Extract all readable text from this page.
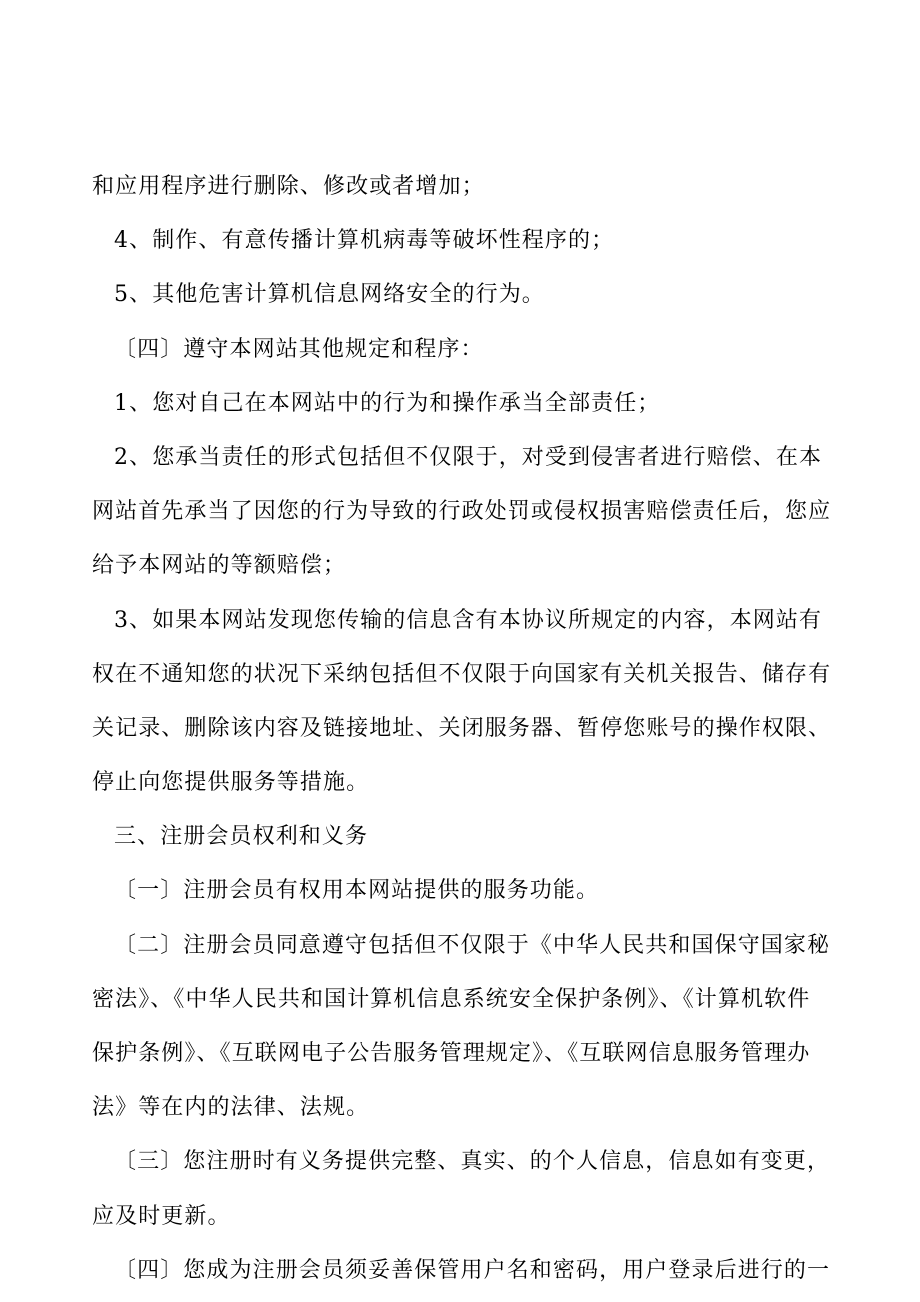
和应用程序进行删除、修改或者增加；
4、制作、有意传播计算机病毒等破坏性程序的；
5、其他危害计算机信息网络安全的行为。
〔四〕遵守本网站其他规定和程序：
1、您对自己在本网站中的行为和操作承当全部责任；
2、您承当责任的形式包括但不仅限于，对受到侵害者进行赔偿、在本
网站首先承当了因您的行为导致的行政处罚或侵权损害赔偿责任后，您应
给予本网站的等额赔偿；
3、如果本网站发现您传输的信息含有本协议所规定的内容，本网站有
权在不通知您的状况下采纳包括但不仅限于向国家有关机关报告、储存有
关记录、删除该内容及链接地址、关闭服务器、暂停您账号的操作权限、
停止向您提供服务等措施。
三、注册会员权利和义务
〔一〕注册会员有权用本网站提供的服务功能。
〔二〕注册会员同意遵守包括但不仅限于《中华人民共和国保守国家秘
密法》、《中华人民共和国计算机信息系统安全保护条例》、《计算机软件
保护条例》、《互联网电子公告服务管理规定》、《互联网信息服务管理办
法》等在内的法律、法规。
〔三〕您注册时有义务提供完整、真实、的个人信息，信息如有变更，
应及时更新。
〔四〕您成为注册会员须妥善保管用户名和密码，用户登录后进行的一
